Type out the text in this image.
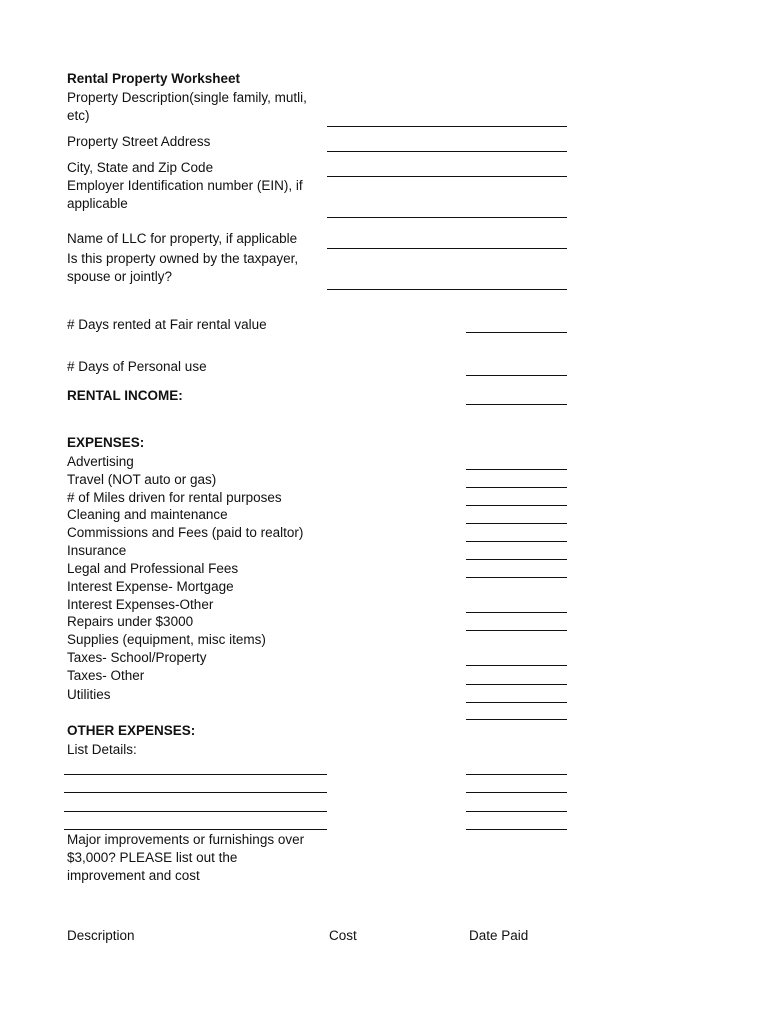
Rental Property Worksheet
Property Description(single family, mutli,
etc)
Property Street Address
City, State and Zip Code
Employer Identification number (EIN), if
applicable
Name of LLC for property, if applicable
Is this property owned by the taxpayer,
spouse or jointly?
# Days rented at Fair rental value
# Days of Personal use
RENTAL INCOME:
EXPENSES:
Advertising
Travel (NOT auto or gas)
# of Miles driven for rental purposes
Cleaning and maintenance
Commissions and Fees (paid to realtor)
Insurance
Legal and Professional Fees
Interest Expense- Mortgage
Interest Expenses-Other
Repairs under $3000
Supplies (equipment, misc items)
Taxes- School/Property
Taxes- Other
Utilities
OTHER EXPENSES:
List Details:
Major improvements or furnishings over
$3,000? PLEASE list out the
improvement and cost
Description	Cost	Date Paid
